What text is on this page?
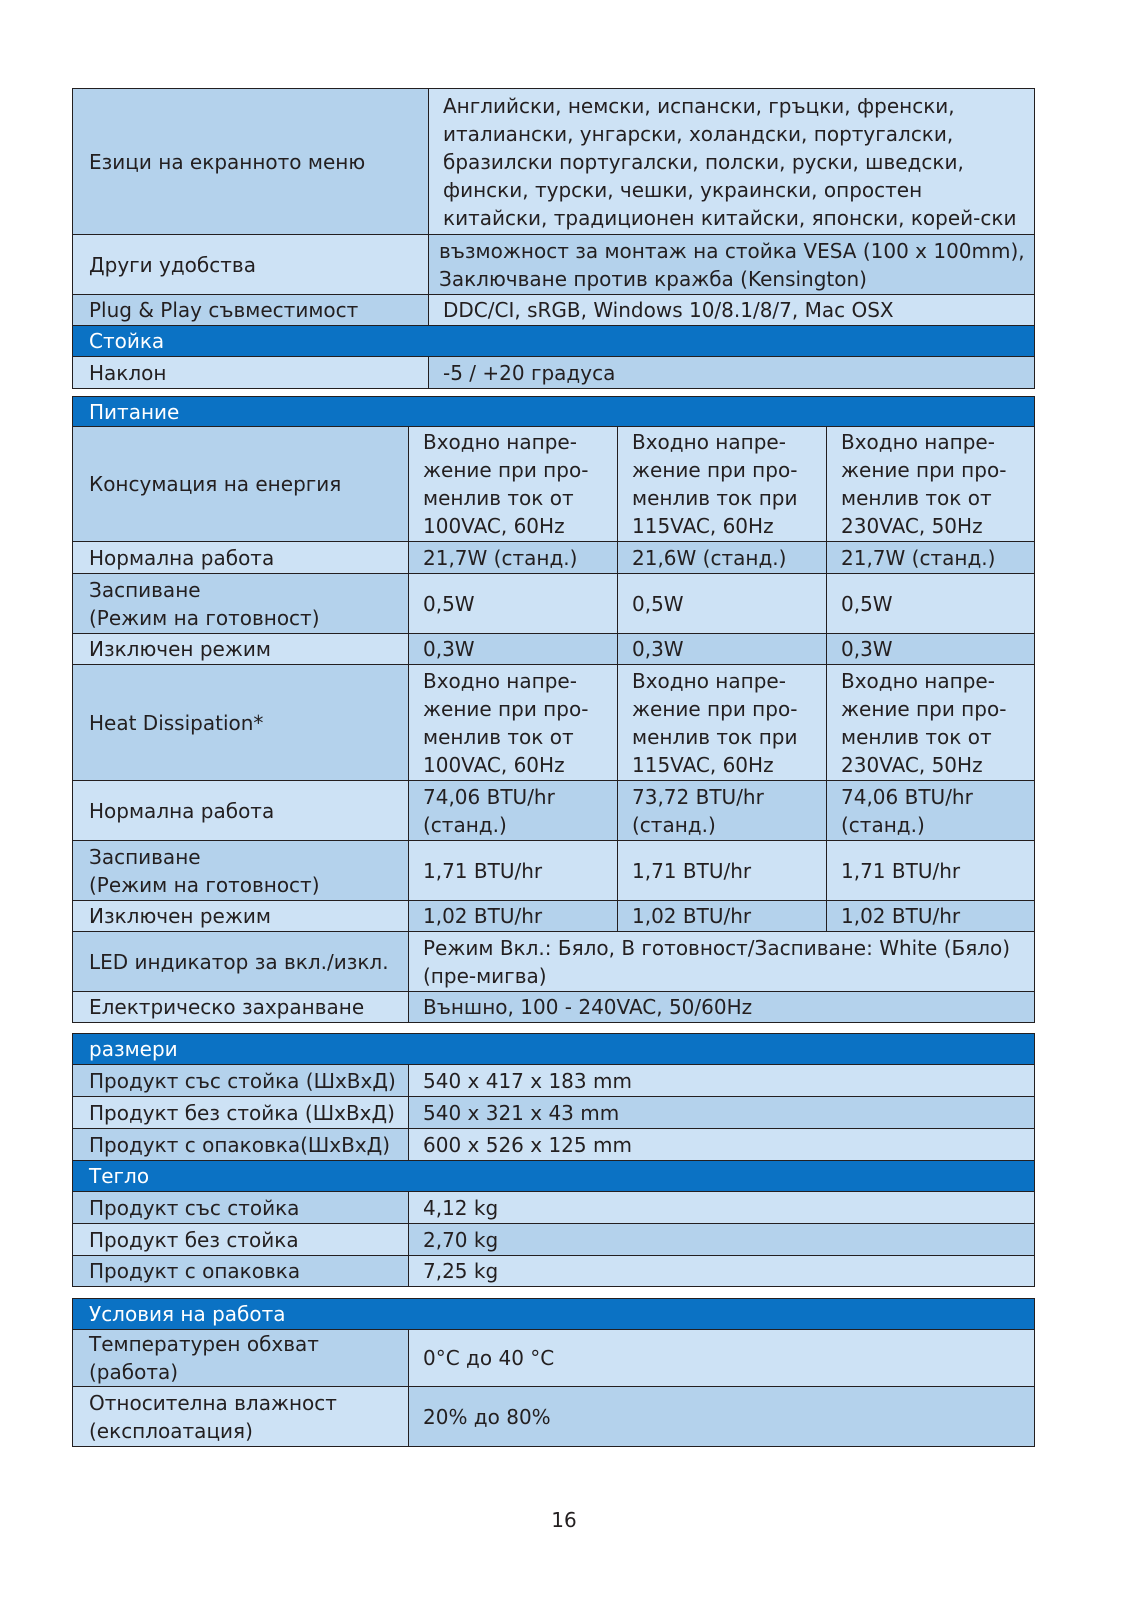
Езици на екранното меню	Английски, немски, испански, гръцки, френски, италиански, унгарски, холандски, португалски, бразилски португалски, полски, руски, шведски, фински, турски, чешки, украински, опростен китайски, традиционен китайски, японски, корей-ски
Други удобства	възможност за монтаж на стойка VESA (100 x 100mm),
Заключване против кражба (Kensington)

Plug & Play съвместимост	DDC/CI, sRGB, Windows 10/8.1/8/7, Mac OSX
Стойка	
Наклон	-5 / +20 градуса
Питание			
Консумация на енергия	Входно напре-жение при про-менлив ток от 100VAC, 60Hz	Входно напре-жение при про-менлив ток при 115VAC, 60Hz	Входно напре-жение при про-менлив ток от 230VAC, 50Hz
Нормална работа	21,7W (станд.)	21,6W (станд.)	21,7W (станд.)

Заспиване
(Режим на готовност)	0,5W	0,5W	0,5W
Изключен режим	0,3W	0,3W	0,3W
Heat Dissipation*	Входно напре-жение при про-менлив ток от 100VAC, 60Hz	Входно напре-жение при про-менлив ток при 115VAC, 60Hz	Входно напре-жение при про-менлив ток от 230VAC, 50Hz
Нормална работа	74,06 BTU/hr (станд.)	73,72 BTU/hr (станд.)	74,06 BTU/hr (станд.)

Заспиване
(Режим на готовност)	1,71 BTU/hr	1,71 BTU/hr	1,71 BTU/hr
Изключен режим	1,02 BTU/hr	1,02 BTU/hr	1,02 BTU/hr
LED индикатор за вкл./изкл.	Режим Вкл.: Бяло, В готовност/Заспиване: White (Бяло) (пре-мигва)		
Електрическо захранване	Външно, 100 - 240VAC, 50/60Hz		
размери	
Продукт със стойка (ШxВxД)	540 x 417 x 183 mm
Продукт без стойка (ШxВxД)	540 x 321 x 43 mm
Продукт с опаковка(ШxВxД)	600 x 526 x 125 mm
Тегло	
Продукт със стойка	4,12 kg
Продукт без стойка	2,70 kg
Продукт с опаковка	7,25 kg
Условия на работа	
Температурен обхват (работа)	0°C до 40 °C

Относителна влажност
(експлоатация)	20% до 80%
16
